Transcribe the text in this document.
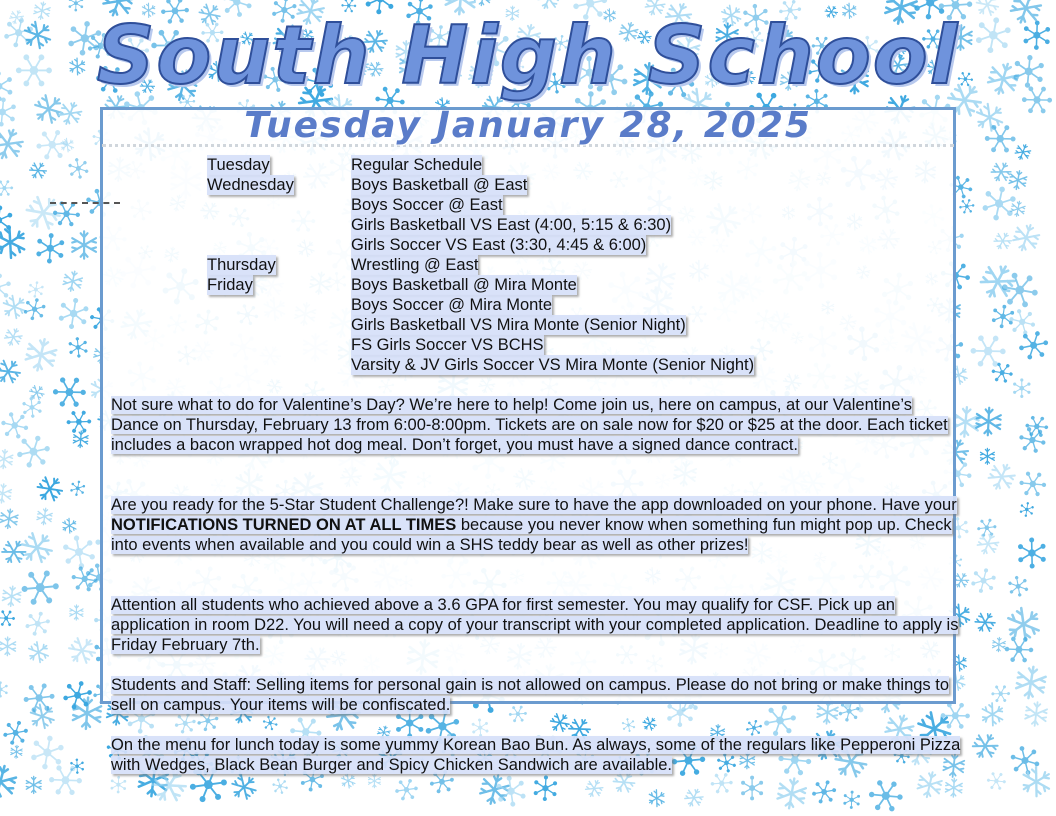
South High School
Tuesday January 28, 2025
Tuesday	Regular Schedule
Wednesday	Boys Basketball @ East
Boys Soccer @ East
Girls Basketball VS East (4:00, 5:15 & 6:30)
Girls Soccer VS East (3:30, 4:45 & 6:00)
Thursday	Wrestling @ East
Friday	Boys Basketball @ Mira Monte
Boys Soccer @ Mira Monte
Girls Basketball VS Mira Monte (Senior Night)
FS Girls Soccer VS BCHS
Varsity & JV Girls Soccer VS Mira Monte (Senior Night)
Not sure what to do for Valentine’s Day? We’re here to help! Come join us, here on campus, at our Valentine’s Dance on Thursday, February 13 from 6:00-8:00pm. Tickets are on sale now for $20 or $25 at the door. Each ticket includes a bacon wrapped hot dog meal. Don’t forget, you must have a signed dance contract.
Are you ready for the 5-Star Student Challenge?! Make sure to have the app downloaded on your phone. Have your NOTIFICATIONS TURNED ON AT ALL TIMES because you never know when something fun might pop up. Check into events when available and you could win a SHS teddy bear as well as other prizes!
Attention all students who achieved above a 3.6 GPA for first semester. You may qualify for CSF. Pick up an application in room D22. You will need a copy of your transcript with your completed application. Deadline to apply is Friday February 7th.
Students and Staff: Selling items for personal gain is not allowed on campus. Please do not bring or make things to sell on campus. Your items will be confiscated.
On the menu for lunch today is some yummy Korean Bao Bun. As always, some of the regulars like Pepperoni Pizza with Wedges, Black Bean Burger and Spicy Chicken Sandwich are available.
